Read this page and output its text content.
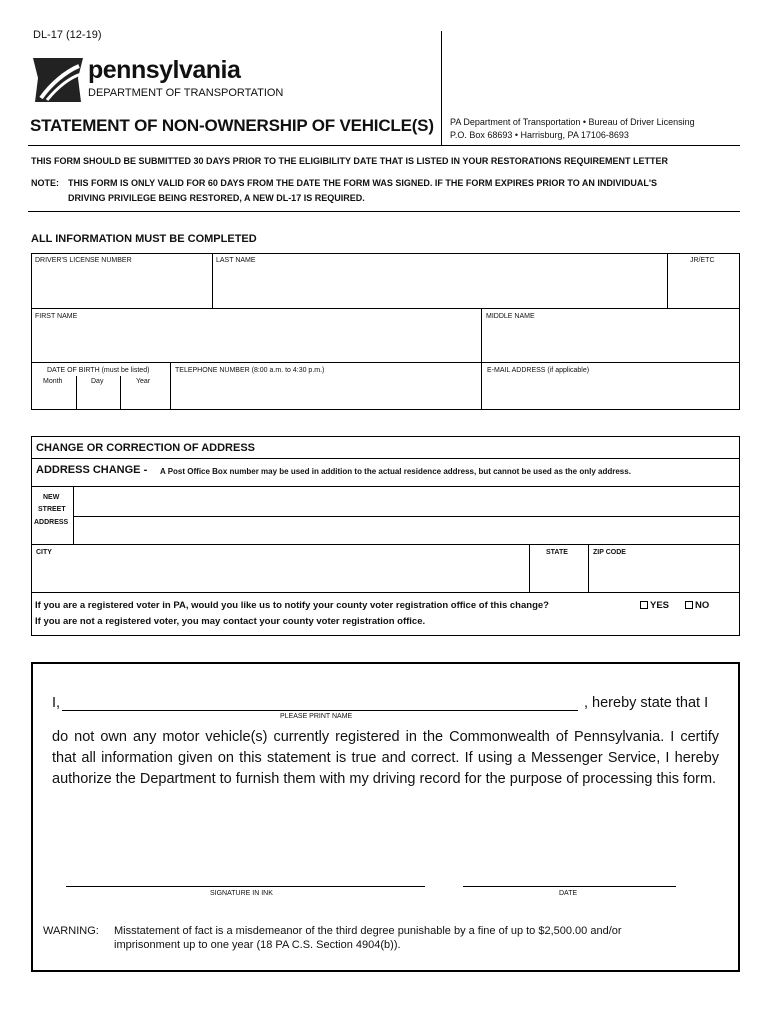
DL-17 (12-19)
pennsylvania
DEPARTMENT OF TRANSPORTATION
STATEMENT OF NON-OWNERSHIP OF VEHICLE(S) PA Department of Transportation • Bureau of Driver Licensing
P.O. Box 68693 • Harrisburg, PA 17106-8693
THIS FORM SHOULD BE SUBMITTED 30 DAYS PRIOR TO THE ELIGIBILITY DATE THAT IS LISTED IN YOUR RESTORATIONS REQUIREMENT LETTER
NOTE: THIS FORM IS ONLY VALID FOR 60 DAYS FROM THE DATE THE FORM WAS SIGNED. IF THE FORM EXPIRES PRIOR TO AN INDIVIDUAL'S
DRIVING PRIVILEGE BEING RESTORED, A NEW DL-17 IS REQUIRED.
ALL INFORMATION MUST BE COMPLETED
DRIVER'S LICENSE NUMBER	LAST NAME	JR/ETC
FIRST NAME	MIDDLE NAME
DATE OF BIRTH (must be listed)
Month	Day	Year
TELEPHONE NUMBER (8:00 a.m. to 4:30 p.m.)	E-MAIL ADDRESS (if applicable)
CHANGE OR CORRECTION OF ADDRESS
ADDRESS CHANGE - A Post Office Box number may be used in addition to the actual residence address, but cannot be used as the only address.
NEW
STREET
ADDRESS
CITY	STATE	ZIP CODE
If you are a registered voter in PA, would you like us to notify your county voter registration office of this change?	YES	NO
If you are not a registered voter, you may contact your county voter registration office.
I,	, hereby state that I
PLEASE PRINT NAME
do not own any motor vehicle(s) currently registered in the Commonwealth of Pennsylvania. I certify that all information given on this statement is true and correct. If using a Messenger Service, I hereby authorize the Department to furnish them with my driving record for the purpose of processing this form.
SIGNATURE IN INK	DATE
WARNING: Misstatement of fact is a misdemeanor of the third degree punishable by a fine of up to $2,500.00 and/or
imprisonment up to one year (18 PA C.S. Section 4904(b)).
